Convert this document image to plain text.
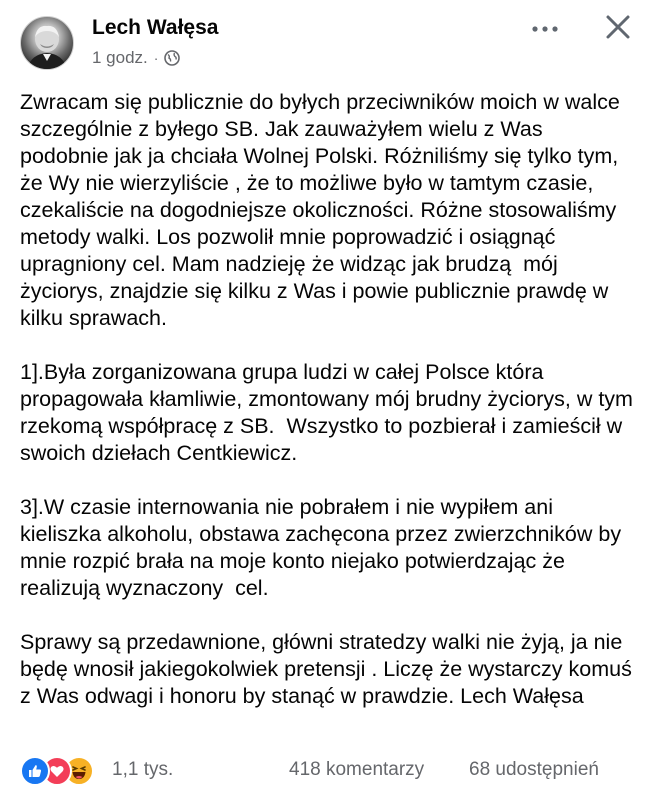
Lech Wałęsa
1 godz. ·

Zwracam się publicznie do byłych przeciwników moich w walce szczególnie z byłego SB. Jak zauważyłem wielu z Was podobnie jak ja chciała Wolnej Polski. Różniliśmy się tylko tym, że Wy nie wierzyliście , że to możliwe było w tamtym czasie, czekaliście na dogodniejsze okoliczności. Różne stosowaliśmy metody walki. Los pozwolił mnie poprowadzić i osiągnąć upragniony cel. Mam nadzieję że widząc jak brudzą  mój życiorys, znajdzie się kilku z Was i powie publicznie prawdę w kilku sprawach.

1].Była zorganizowana grupa ludzi w całej Polsce która propagowała kłamliwie, zmontowany mój brudny życiorys, w tym rzekomą współpracę z SB.  Wszystko to pozbierał i zamieścił w swoich dziełach Centkiewicz.

3].W czasie internowania nie pobrałem i nie wypiłem ani kieliszka alkoholu, obstawa zachęcona przez zwierzchników by mnie rozpić brała na moje konto niejako potwierdzając że realizują wyznaczony  cel.

Sprawy są przedawnione, główni stratedzy walki nie żyją, ja nie będę wnosił jakiegokolwiek pretensji . Liczę że wystarczy komuś z Was odwagi i honoru by stanąć w prawdzie. Lech Wałęsa

1,1 tys.	418 komentarzy 68 udostępnień
